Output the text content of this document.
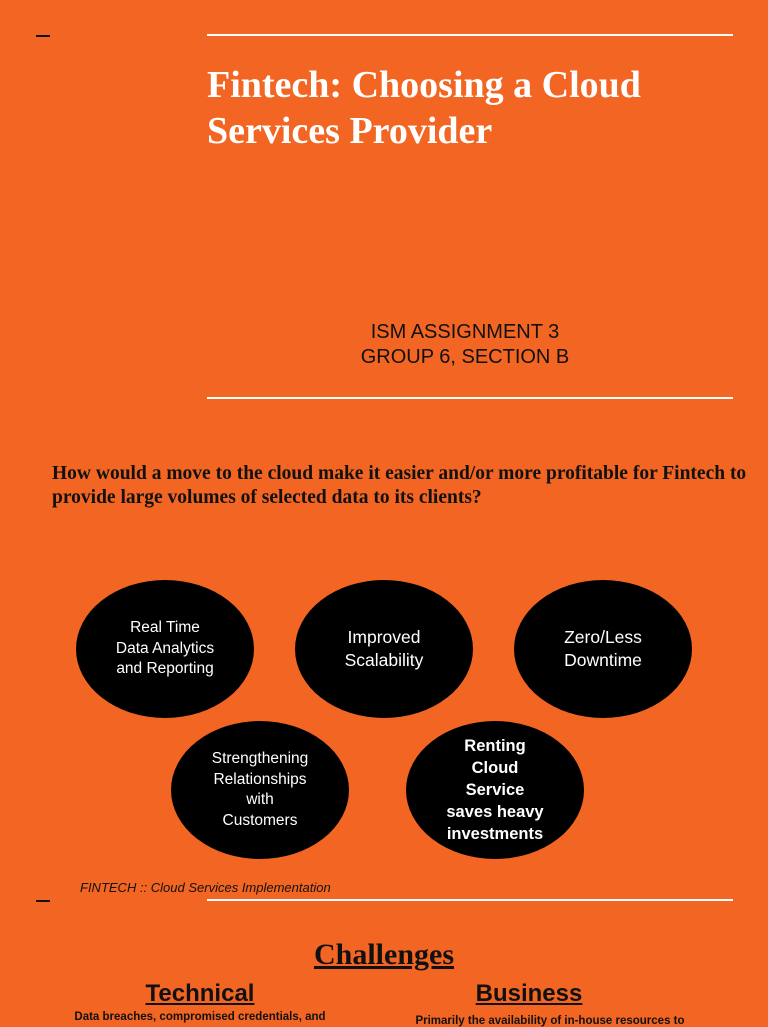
Fintech: Choosing a Cloud Services Provider
ISM ASSIGNMENT 3
GROUP 6, SECTION B
How would a move to the cloud make it easier and/or more profitable for Fintech to provide large volumes of selected data to its clients?
Real Time
Data Analytics
and Reporting
Improved
Scalability
Zero/Less
Downtime
Strengthening
Relationships
with
Customers
Renting
Cloud
Service
saves heavy
investments
FINTECH :: Cloud Services Implementation
Challenges
Technical
Data breaches, compromised credentials, and
Business
Primarily the availability of in-house resources to
